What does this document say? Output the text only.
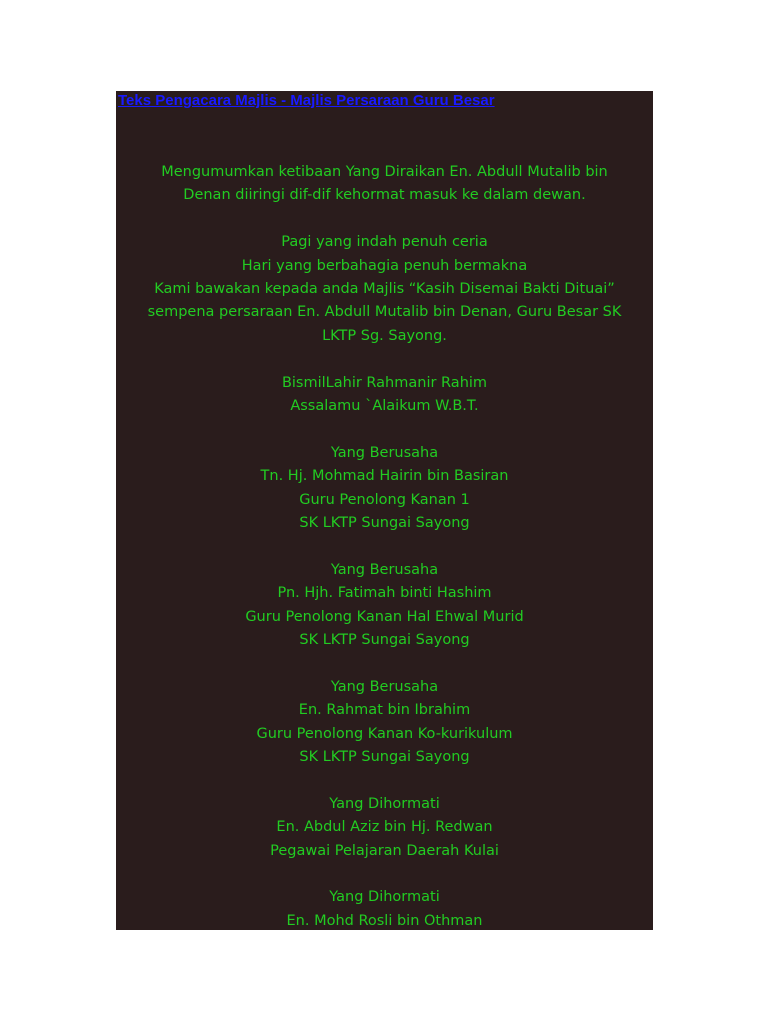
Teks Pengacara Majlis - Majlis Persaraan Guru Besar
Mengumumkan ketibaan Yang Diraikan En. Abdull Mutalib bin
Denan diiringi dif-dif kehormat masuk ke dalam dewan.
Pagi yang indah penuh ceria
Hari yang berbahagia penuh bermakna
Kami bawakan kepada anda Majlis “Kasih Disemai Bakti Dituai”
sempena persaraan En. Abdull Mutalib bin Denan, Guru Besar SK
LKTP Sg. Sayong.
BismilLahir Rahmanir Rahim
Assalamu `Alaikum W.B.T.
Yang Berusaha
Tn. Hj. Mohmad Hairin bin Basiran
Guru Penolong Kanan 1
SK LKTP Sungai Sayong
Yang Berusaha
Pn. Hjh. Fatimah binti Hashim
Guru Penolong Kanan Hal Ehwal Murid
SK LKTP Sungai Sayong
Yang Berusaha
En. Rahmat bin Ibrahim
Guru Penolong Kanan Ko-kurikulum
SK LKTP Sungai Sayong
Yang Dihormati
En. Abdul Aziz bin Hj. Redwan
Pegawai Pelajaran Daerah Kulai
Yang Dihormati
En. Mohd Rosli bin Othman
